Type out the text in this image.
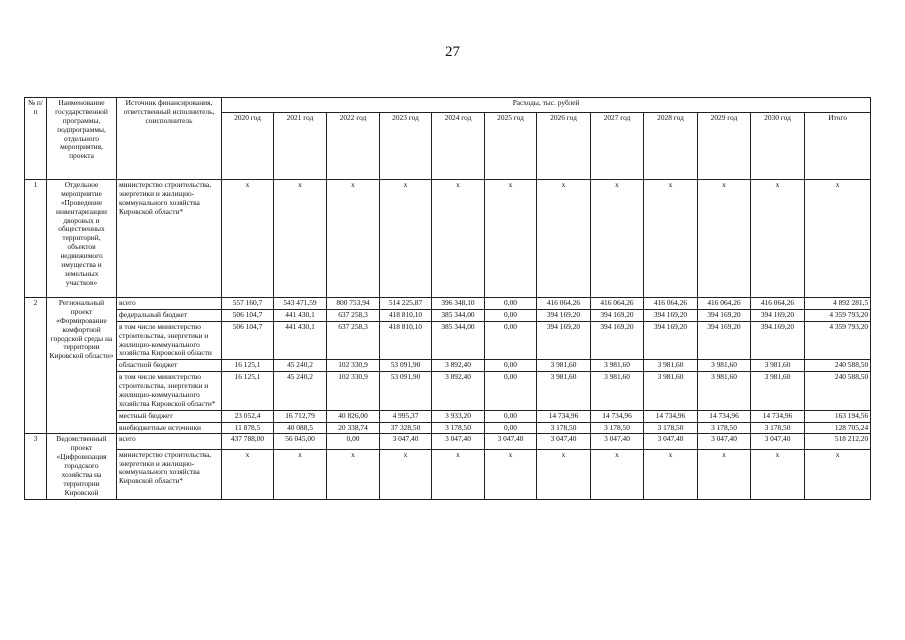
27
№ п/п	Наименование государственной программы, подпрограммы, отдельного мероприятия, проекта	Источник финансирования, ответственный исполнитель, соисполнитель	Расходы, тыс. рублей											
			2020 год	2021 год	2022 год	2023 год	2024 год	2025 год	2026 год	2027 год	2028 год	2029 год	2030 год	Итого
1	Отдельное мероприятие «Проведение инвентаризации дворовых и общественных территорий, объектов недвижимого имущества и земельных участков»	министерство строительства, энергетики и жилищно-коммунального хозяйства Кировской области*	x	x	x	x	x	x	x	x	x	x	x	x
2	Региональный проект «Формирование комфортной городской среды на территории Кировской области»	всего	557 160,7	543 471,59	800 753,94	514 225,87	396 348,10	0,00	416 064,26	416 064,26	416 064,26	416 064,26	416 064,26	4 892 281,5
		федеральный бюджет	506 104,7	441 430,1	637 258,3	418 810,10	385 344,00	0,00	394 169,20	394 169,20	394 169,20	394 169,20	394 169,20	4 359 793,20
		в том числе министерство строительства, энергетики и жилищно-коммунального хозяйства Кировской области	506 104,7	441 430,1	637 258,3	418 810,10	385 344,00	0,00	394 169,20	394 169,20	394 169,20	394 169,20	394.169,20	4 359 793,20
		областной бюджет	16 125,1	45 240,2	102 330,9	53 091,90	3 892,40	0,00	3 981,60	3 981,60	3 981,60	3 981,60	3 981,60	240 588,50
		в том числе министерство строительства, энергетики и жилищно-коммунального хозяйства Кировской области*	16 125,1	45 240,2	102 330,9	53 091,90	3 892,40	0,00	3 981,60	3 981,60	3 981,60	3 981,60	3 981,60	240 588,50
		местный бюджет	23 052,4	16 712,79	40 826,00	4 995,37	3 933,20	0,00	14 734,96	14 734,96	14 734,96	14 734,96	14 734,96	163 194,56
		внебюджетные источники	11 878,5	40 088,5	20 338,74	37 328,50	3 178,50	0,00	3 178,50	3 178,50	3 178,50	3 178,50	3 178,50	128 705,24
3	Ведомственный проект «Цифровизация городского хозяйства на территории Кировской	всего	437 788,00	56 045,00	0,00	3 047,40	3 047,40	3 047,40	3 047,40	3 047,40	3 047,40	3 047,40	3 047,40	518 212,20
		министерство строительства, энергетики и жилищно-коммунального хозяйства Кировской области*	x	x	x	x	x	x	x	x	x	x	x	x
